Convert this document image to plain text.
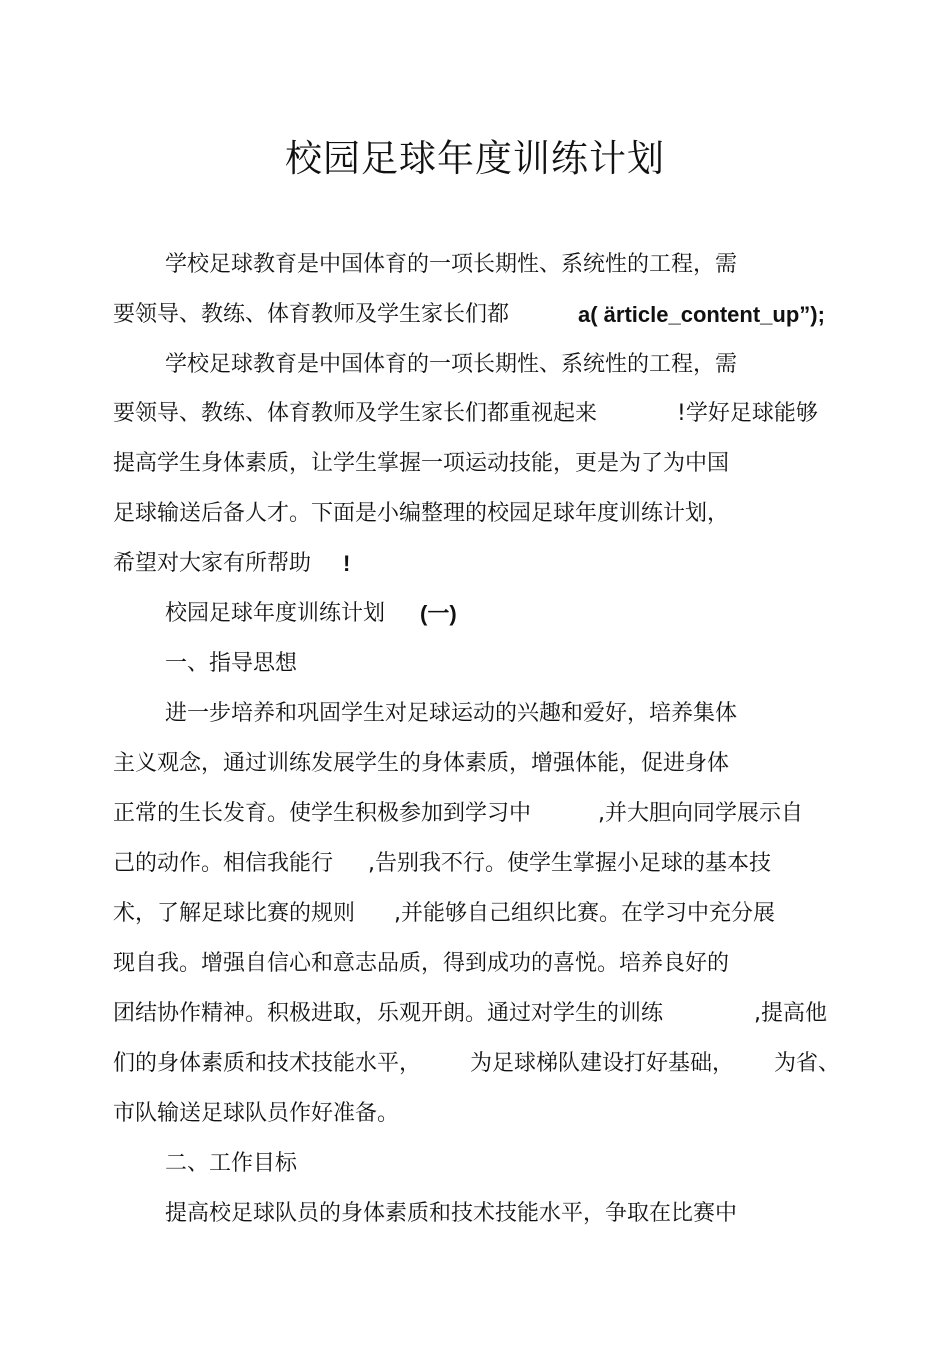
校园足球年度训练计划
学校足球教育是中国体育的一项长期性、系统性的工程，需
要领导、教练、体育教师及学生家长们都	a( ärticle_content_up”);
学校足球教育是中国体育的一项长期性、系统性的工程，需
要领导、教练、体育教师及学生家长们都重视起来	!学好足球能够
提高学生身体素质，让学生掌握一项运动技能，更是为了为中国
足球输送后备人才。下面是小编整理的校园足球年度训练计划，
希望对大家有所帮助 !
校园足球年度训练计划 (一)
一、指导思想
进一步培养和巩固学生对足球运动的兴趣和爱好，培养集体
主义观念，通过训练发展学生的身体素质，增强体能，促进身体
正常的生长发育。使学生积极参加到学习中	,并大胆向同学展示自
己的动作。相信我能行 ,告别我不行。使学生掌握小足球的基本技
术，了解足球比赛的规则 ,并能够自己组织比赛。在学习中充分展
现自我。增强自信心和意志品质，得到成功的喜悦。培养良好的
团结协作精神。积极进取，乐观开朗。通过对学生的训练	,提高他
们的身体素质和技术技能水平， 为足球梯队建设打好基础， 为省、
市队输送足球队员作好准备。
二、工作目标
提高校足球队员的身体素质和技术技能水平，争取在比赛中
